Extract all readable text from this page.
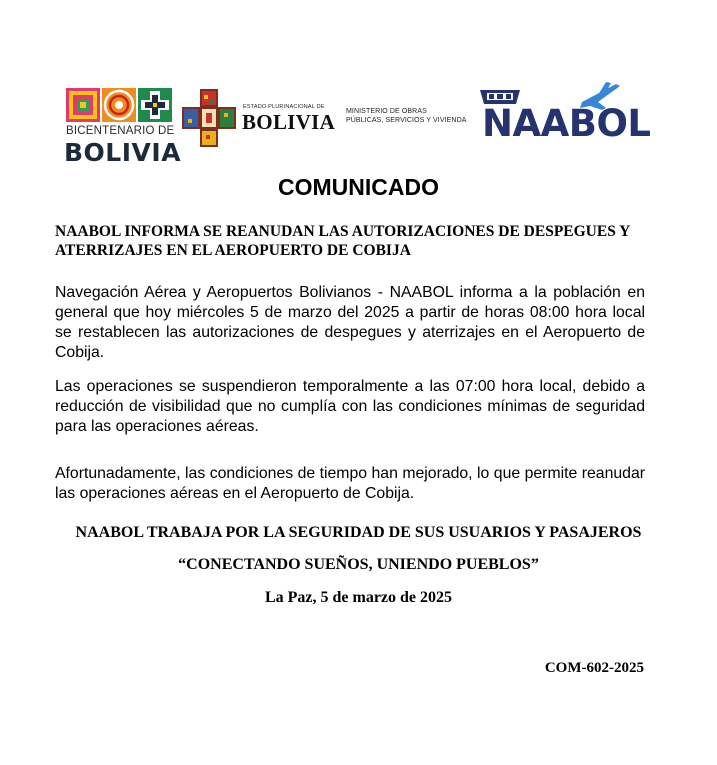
BICENTENARIO DE
BOLIVIA
ESTADO PLURINACIONAL DE
BOLIVIA MINISTERIO DE OBRAS
PÚBLICAS, SERVICIOS Y VIVIENDA NAABOL
COMUNICADO
NAABOL INFORMA SE REANUDAN LAS AUTORIZACIONES DE DESPEGUES Y ATERRIZAJES EN EL AEROPUERTO DE COBIJA

Navegación Aérea y Aeropuertos Bolivianos - NAABOL informa a la población en general que hoy miércoles 5 de marzo del 2025 a partir de horas 08:00 hora local se restablecen las autorizaciones de despegues y aterrizajes en el Aeropuerto de Cobija.

Las operaciones se suspendieron temporalmente a las 07:00 hora local, debido a reducción de visibilidad que no cumplía con las condiciones mínimas de seguridad para las operaciones aéreas.

Afortunadamente, las condiciones de tiempo han mejorado, lo que permite reanudar las operaciones aéreas en el Aeropuerto de Cobija.

NAABOL TRABAJA POR LA SEGURIDAD DE SUS USUARIOS Y PASAJEROS
“CONECTANDO SUEÑOS, UNIENDO PUEBLOS”
La Paz, 5 de marzo de 2025
COM-602-2025
